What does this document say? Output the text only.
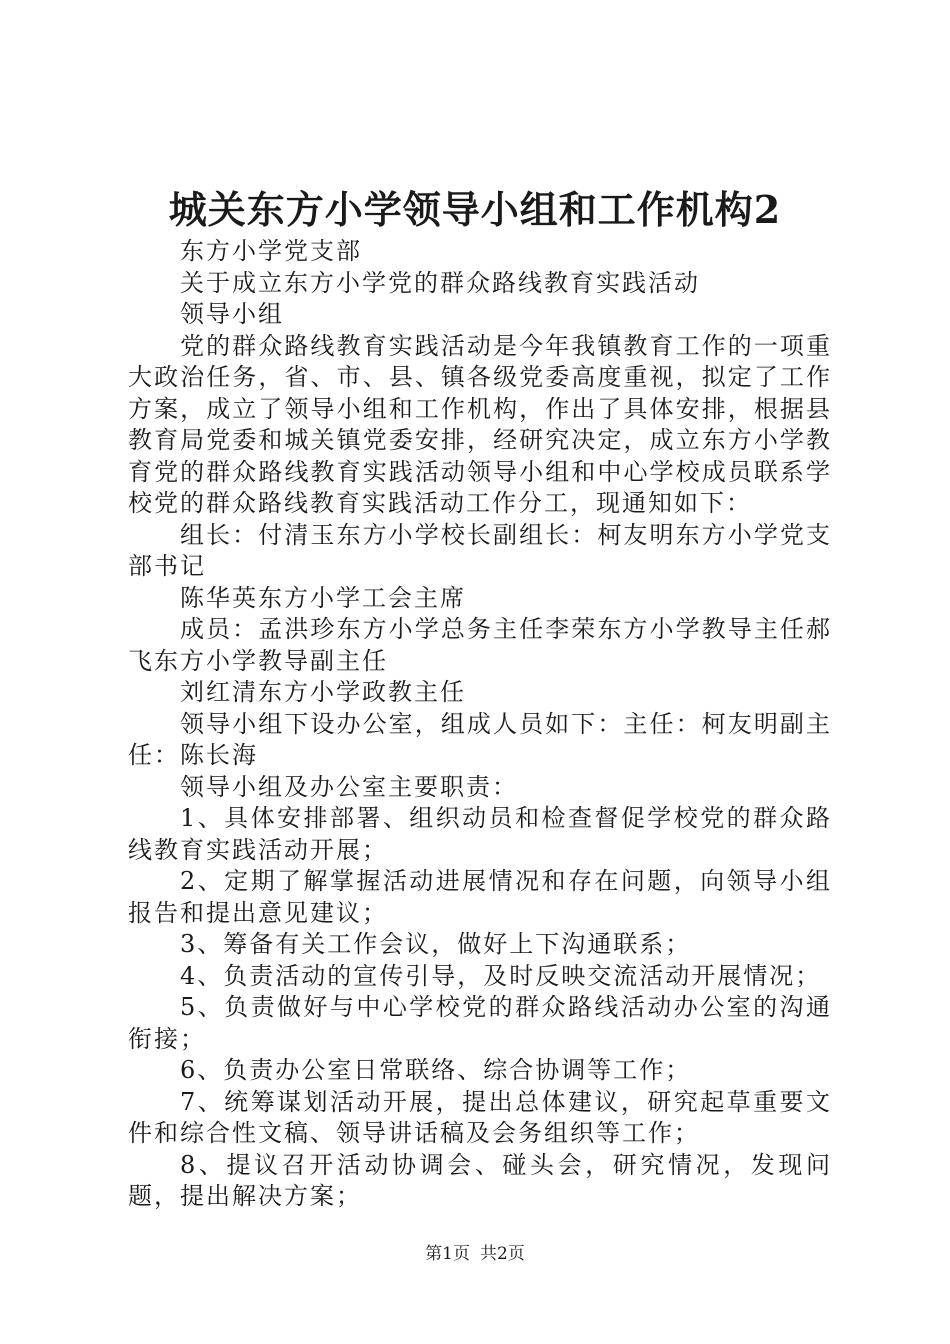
城关东方小学领导小组和工作机构2

东方小学党支部

关于成立东方小学党的群众路线教育实践活动

领导小组

党的群众路线教育实践活动是今年我镇教育工作的一项重大政治任务，省、市、县、镇各级党委高度重视，拟定了工作方案，成立了领导小组和工作机构，作出了具体安排，根据县教育局党委和城关镇党委安排，经研究决定，成立东方小学教育党的群众路线教育实践活动领导小组和中心学校成员联系学校党的群众路线教育实践活动工作分工，现通知如下：

组长：付清玉东方小学校长副组长：柯友明东方小学党支部书记

陈华英东方小学工会主席

成员：孟洪珍东方小学总务主任李荣东方小学教导主任郝飞东方小学教导副主任

刘红清东方小学政教主任

领导小组下设办公室，组成人员如下：主任：柯友明副主任：陈长海

领导小组及办公室主要职责：

1、具体安排部署、组织动员和检查督促学校党的群众路线教育实践活动开展；

2、定期了解掌握活动进展情况和存在问题，向领导小组报告和提出意见建议；

3、筹备有关工作会议，做好上下沟通联系；

4、负责活动的宣传引导，及时反映交流活动开展情况；

5、负责做好与中心学校党的群众路线活动办公室的沟通衔接；

6、负责办公室日常联络、综合协调等工作；

7、统筹谋划活动开展，提出总体建议，研究起草重要文件和综合性文稿、领导讲话稿及会务组织等工作；

8、提议召开活动协调会、碰头会，研究情况，发现问题，提出解决方案；

第1页 共2页
